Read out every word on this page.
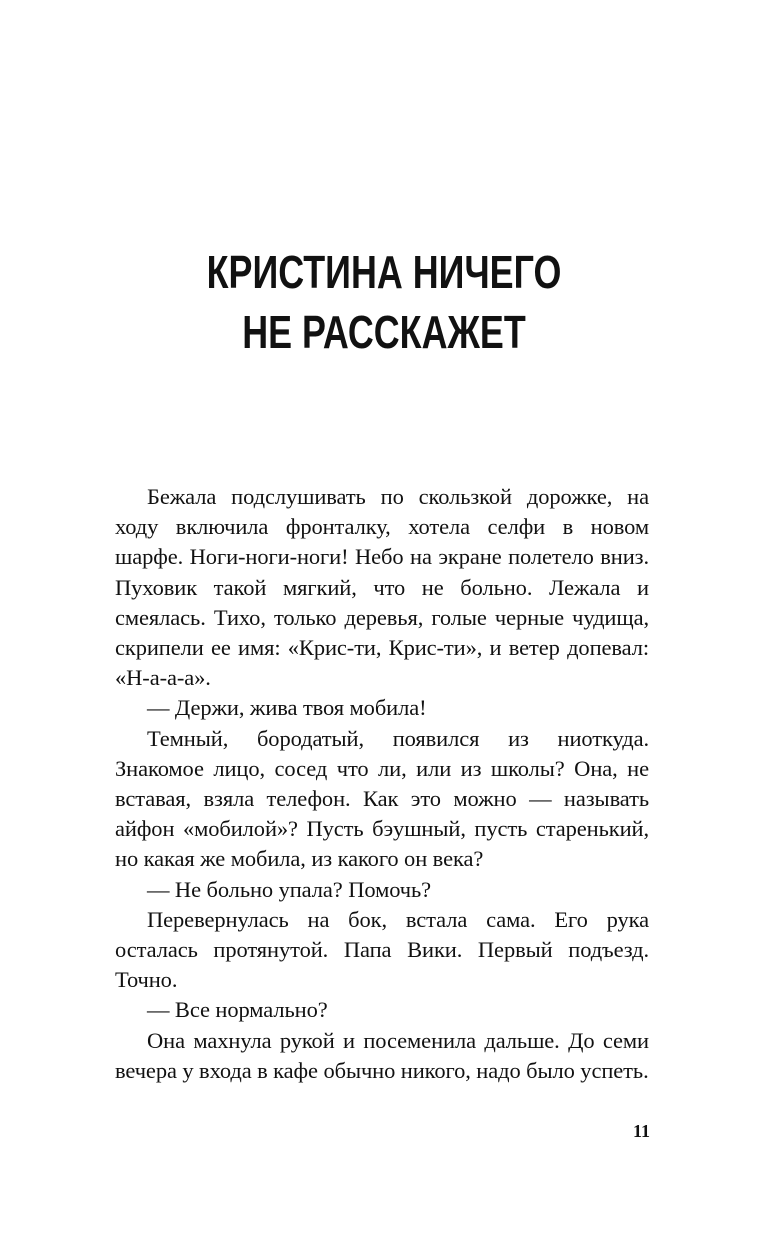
КРИСТИНА НИЧЕГО
НЕ РАССКАЖЕТ

Бежала подслушивать по скользкой дорожке, на ходу включила фронталку, хотела селфи в новом шарфе. Ноги-ноги-ноги! Небо на экране полетело вниз. Пуховик такой мягкий, что не больно. Лежала и смеялась. Тихо, только деревья, голые черные чудища, скрипели ее имя: «Крис-ти, Крис-ти», и ветер допевал: «Н-а-а-а».

— Держи, жива твоя мобила!

Темный, бородатый, появился из ниоткуда. Знакомое лицо, сосед что ли, или из школы? Она, не вставая, взяла телефон. Как это можно — называть айфон «мобилой»? Пусть бэушный, пусть старенький, но какая же мобила, из какого он века?

— Не больно упала? Помочь?

Перевернулась на бок, встала сама. Его рука осталась протянутой. Папа Вики. Первый подъезд. Точно.

— Все нормально?

Она махнула рукой и посеменила дальше. До семи вечера у входа в кафе обычно никого, надо было успеть.

11
